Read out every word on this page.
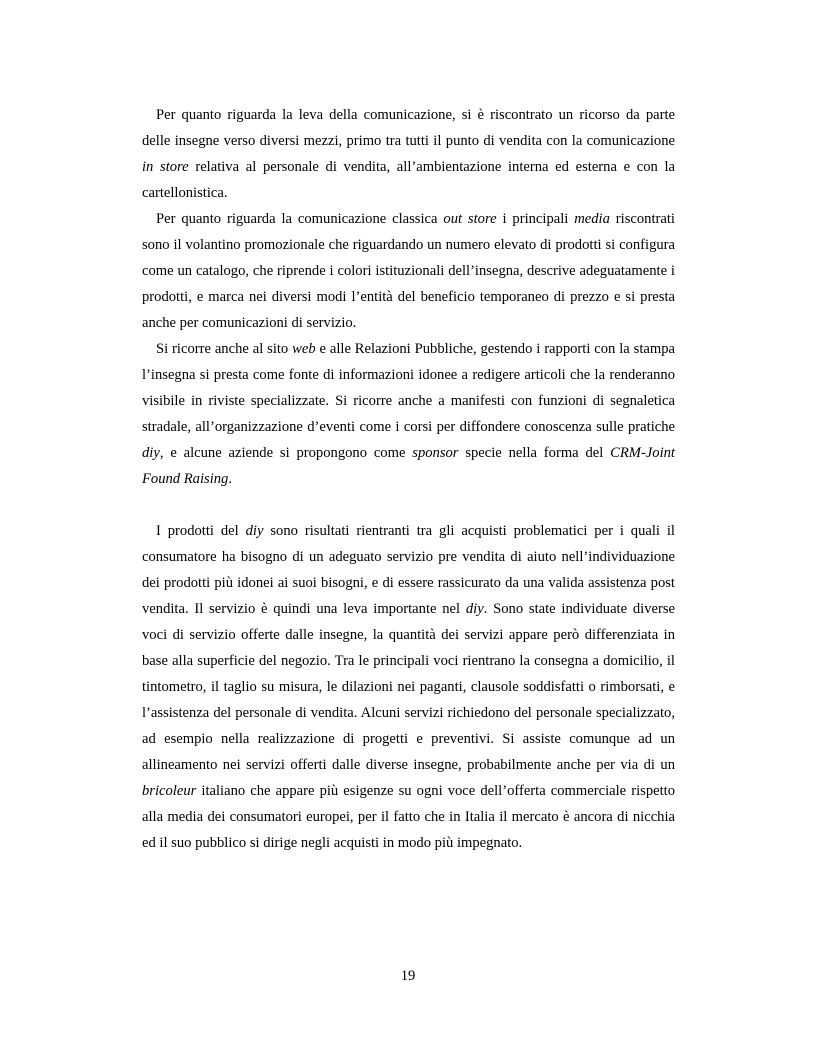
Per quanto riguarda la leva della comunicazione, si è riscontrato un ricorso da parte delle insegne verso diversi mezzi, primo tra tutti il punto di vendita con la comunicazione in store relativa al personale di vendita, all’ambientazione interna ed esterna e con la cartellonistica.

Per quanto riguarda la comunicazione classica out store i principali media riscontrati sono il volantino promozionale che riguardando un numero elevato di prodotti si configura come un catalogo, che riprende i colori istituzionali dell’insegna, descrive adeguatamente i prodotti, e marca nei diversi modi l’entità del beneficio temporaneo di prezzo e si presta anche per comunicazioni di servizio.

Si ricorre anche al sito web e alle Relazioni Pubbliche, gestendo i rapporti con la stampa l’insegna si presta come fonte di informazioni idonee a redigere articoli che la renderanno visibile in riviste specializzate. Si ricorre anche a manifesti con funzioni di segnaletica stradale, all’organizzazione d’eventi come i corsi per diffondere conoscenza sulle pratiche diy, e alcune aziende si propongono come sponsor specie nella forma del CRM-Joint Found Raising.

I prodotti del diy sono risultati rientranti tra gli acquisti problematici per i quali il consumatore ha bisogno di un adeguato servizio pre vendita di aiuto nell’individuazione dei prodotti più idonei ai suoi bisogni, e di essere rassicurato da una valida assistenza post vendita. Il servizio è quindi una leva importante nel diy. Sono state individuate diverse voci di servizio offerte dalle insegne, la quantità dei servizi appare però differenziata in base alla superficie del negozio. Tra le principali voci rientrano la consegna a domicilio, il tintometro, il taglio su misura, le dilazioni nei paganti, clausole soddisfatti o rimborsati, e l’assistenza del personale di vendita. Alcuni servizi richiedono del personale specializzato, ad esempio nella realizzazione di progetti e preventivi. Si assiste comunque ad un allineamento nei servizi offerti dalle diverse insegne, probabilmente anche per via di un bricoleur italiano che appare più esigenze su ogni voce dell’offerta commerciale rispetto alla media dei consumatori europei, per il fatto che in Italia il mercato è ancora di nicchia ed il suo pubblico si dirige negli acquisti in modo più impegnato.

19
